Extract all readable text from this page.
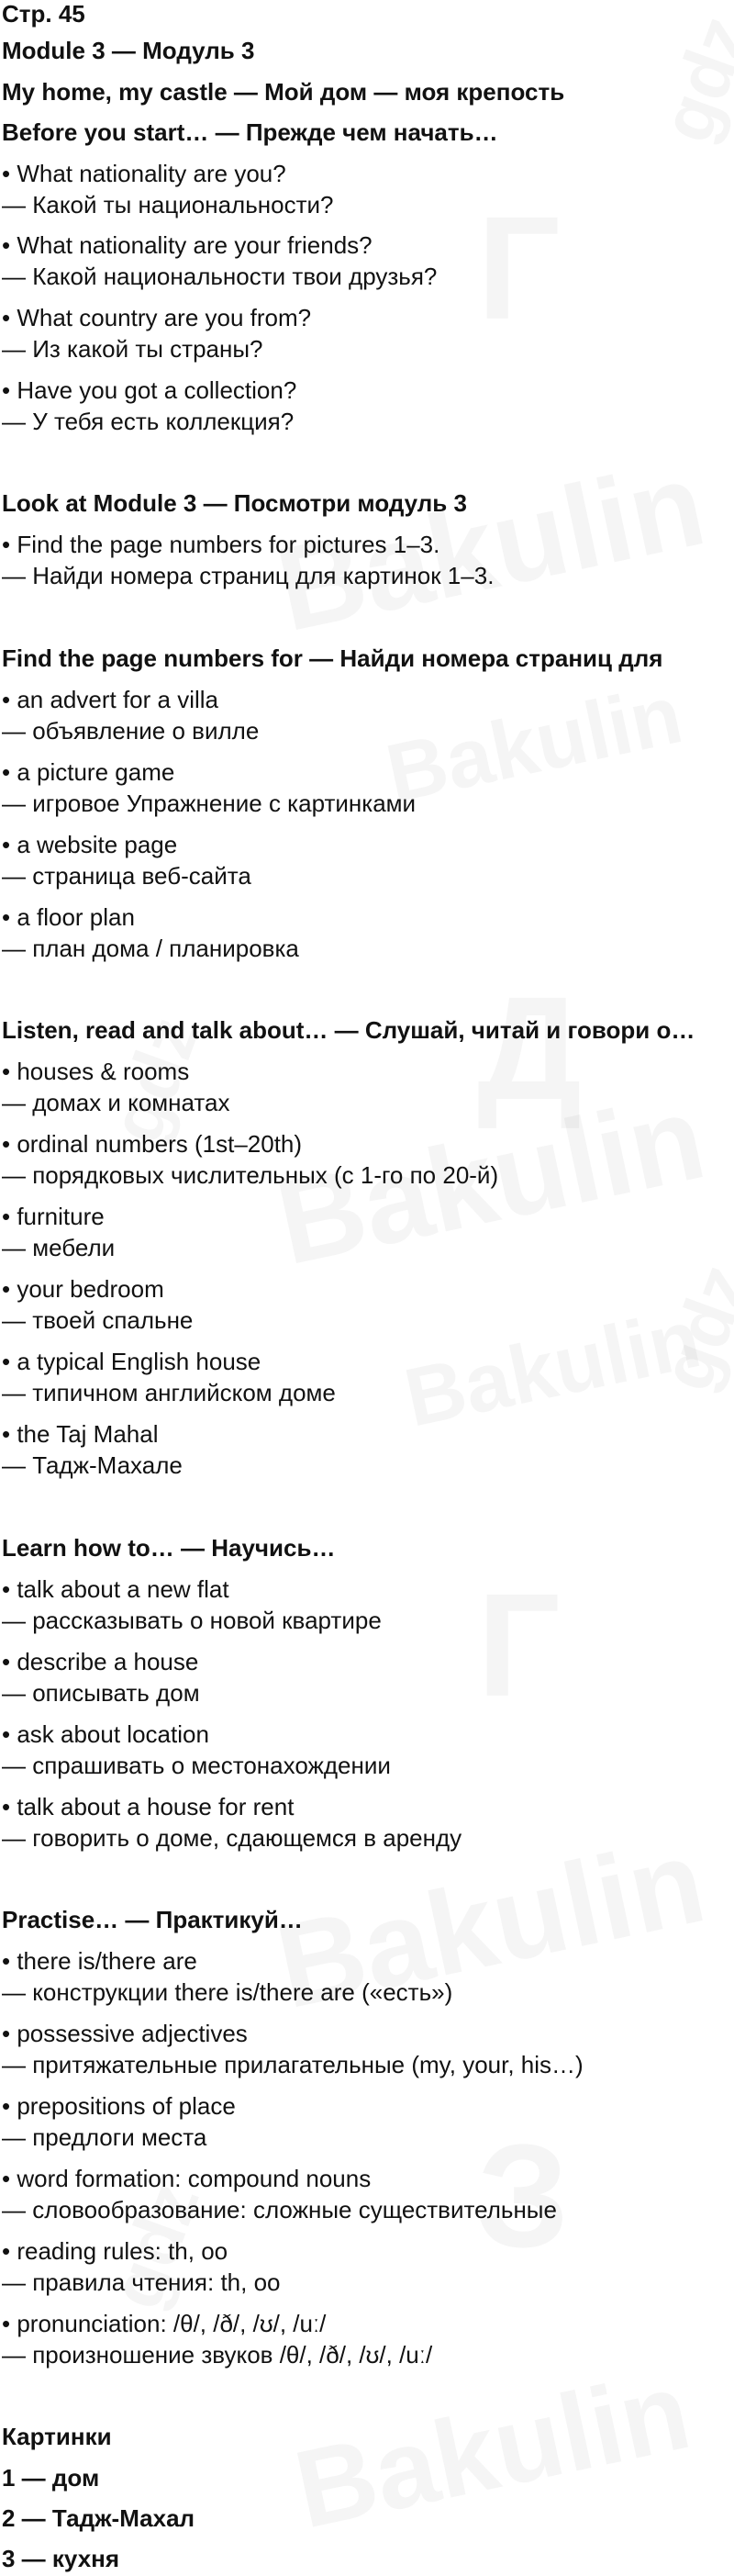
Стр. 45
Module 3 — Модуль 3
My home, my castle — Мой дом — моя крепость
Before you start… — Прежде чем начать…
• What nationality are you?
— Какой ты национальности?
• What nationality are your friends?
— Какой национальности твои друзья?
• What country are you from?
— Из какой ты страны?
• Have you got a collection?
— У тебя есть коллекция?
Look at Module 3 — Посмотри модуль 3
• Find the page numbers for pictures 1–3.
— Найди номера страниц для картинок 1–3.
Find the page numbers for — Найди номера страниц для
• an advert for a villa
— объявление о вилле
• a picture game
— игровое Упражнение с картинками
• a website page
— страница веб-сайта
• a floor plan
— план дома / планировка
Listen, read and talk about… — Слушай, читай и говори о…
• houses & rooms
— домах и комнатах
• ordinal numbers (1st–20th)
— порядковых числительных (с 1-го по 20-й)
• furniture
— мебели
• your bedroom
— твоей спальне
• a typical English house
— типичном английском доме
• the Taj Mahal
— Тадж-Махале
Learn how to… — Научись…
• talk about a new flat
— рассказывать о новой квартире
• describe a house
— описывать дом
• ask about location
— спрашивать о местонахождении
• talk about a house for rent
— говорить о доме, сдающемся в аренду
Practise… — Практикуй…
• there is/there are
— конструкции there is/there are («есть»)
• possessive adjectives
— притяжательные прилагательные (my, your, his…)
• prepositions of place
— предлоги места
• word formation: compound nouns
— словообразование: сложные существительные
• reading rules: th, oo
— правила чтения: th, oo
• pronunciation: /θ/, /ð/, /ʊ/, /uː/
— произношение звуков /θ/, /ð/, /ʊ/, /uː/
Картинки
1 — дом
2 — Тадж-Махал
3 — кухня
